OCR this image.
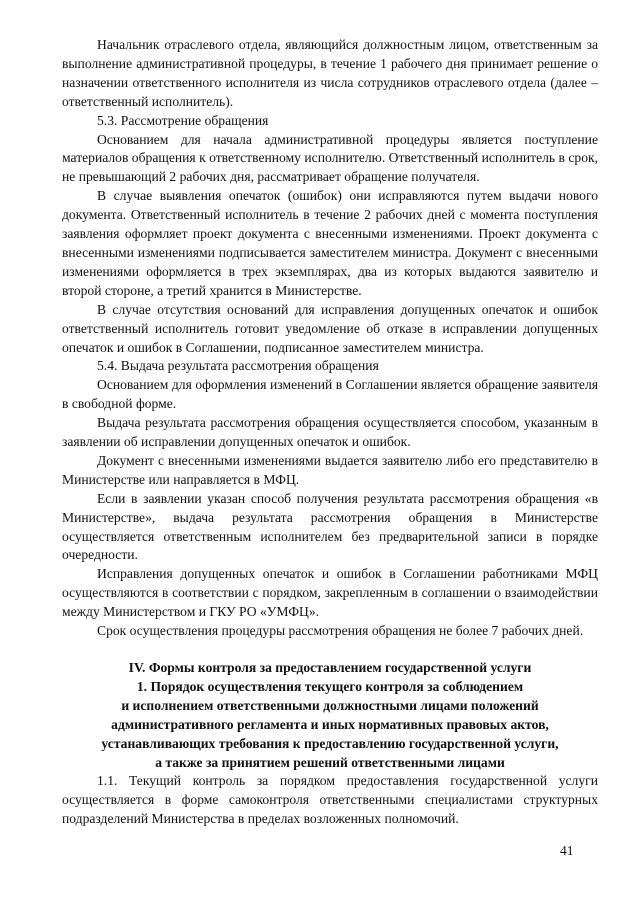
Начальник отраслевого отдела, являющийся должностным лицом, ответственным за выполнение административной процедуры, в течение 1 рабочего дня принимает решение о назначении ответственного исполнителя из числа сотрудников отраслевого отдела (далее – ответственный исполнитель).

5.3. Рассмотрение обращения

Основанием для начала административной процедуры является поступление материалов обращения к ответственному исполнителю. Ответственный исполнитель в срок, не превышающий 2 рабочих дня, рассматривает обращение получателя.

В случае выявления опечаток (ошибок) они исправляются путем выдачи нового документа. Ответственный исполнитель в течение 2 рабочих дней с момента поступления заявления оформляет проект документа с внесенными изменениями. Проект документа с внесенными изменениями подписывается заместителем министра. Документ с внесенными изменениями оформляется в трех экземплярах, два из которых выдаются заявителю и второй стороне, а третий хранится в Министерстве.

В случае отсутствия оснований для исправления допущенных опечаток и ошибок ответственный исполнитель готовит уведомление об отказе в исправлении допущенных опечаток и ошибок в Соглашении, подписанное заместителем министра.

5.4. Выдача результата рассмотрения обращения

Основанием для оформления изменений в Соглашении является обращение заявителя в свободной форме.

Выдача результата рассмотрения обращения осуществляется способом, указанным в заявлении об исправлении допущенных опечаток и ошибок.

Документ с внесенными изменениями выдается заявителю либо его представителю в Министерстве или направляется в МФЦ.

Если в заявлении указан способ получения результата рассмотрения обращения «в Министерстве», выдача результата рассмотрения обращения в Министерстве осуществляется ответственным исполнителем без предварительной записи в порядке очередности.

Исправления допущенных опечаток и ошибок в Соглашении работниками МФЦ осуществляются в соответствии с порядком, закрепленным в соглашении о взаимодействии между Министерством и ГКУ РО «УМФЦ».

Срок осуществления процедуры рассмотрения обращения не более 7 рабочих дней.

IV. Формы контроля за предоставлением государственной услуги

1. Порядок осуществления текущего контроля за соблюдением

и исполнением ответственными должностными лицами положений

административного регламента и иных нормативных правовых актов,

устанавливающих требования к предоставлению государственной услуги,

а также за принятием решений ответственными лицами

1.1. Текущий контроль за порядком предоставления государственной услуги осуществляется в форме самоконтроля ответственными специалистами структурных подразделений Министерства в пределах возложенных полномочий.

41
